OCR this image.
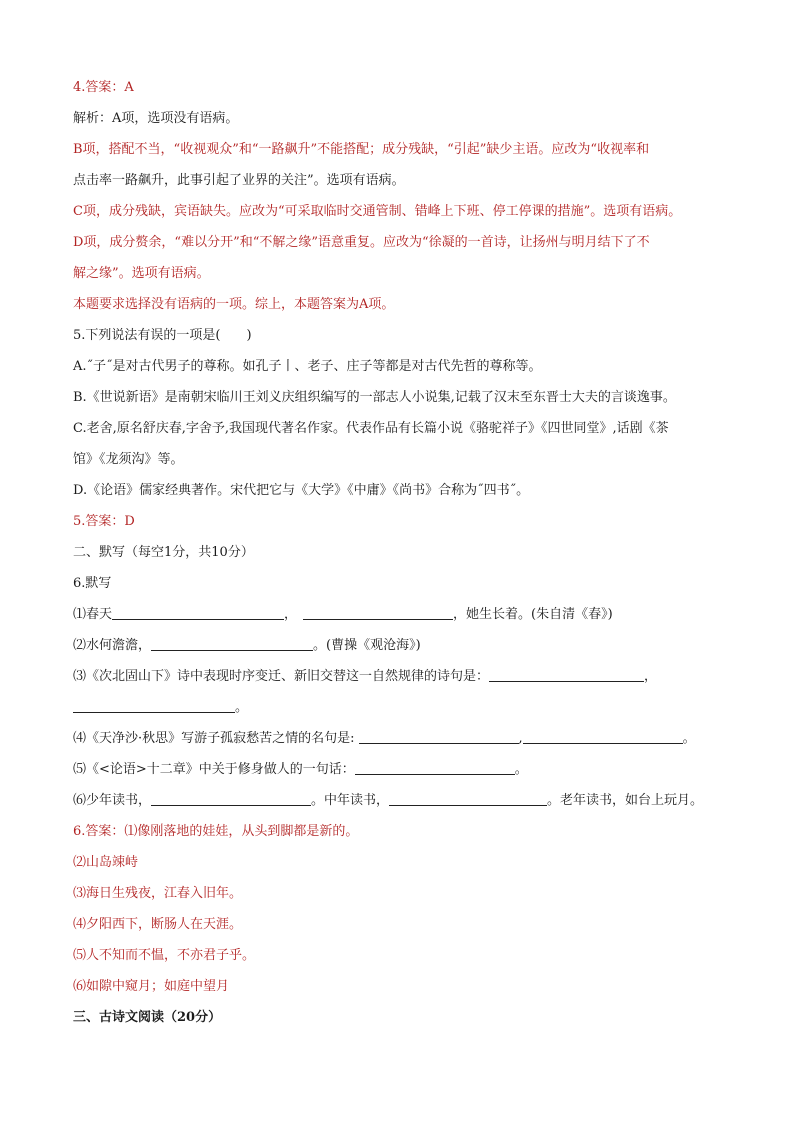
4.答案：A
解析：A项，选项没有语病。
B项，搭配不当，“收视观众”和“一路飙升”不能搭配；成分残缺，“引起”缺少主语。应改为“收视率和
点击率一路飙升，此事引起了业界的关注”。选项有语病。
C项，成分残缺，宾语缺失。应改为“可采取临时交通管制、错峰上下班、停工停课的措施”。选项有语病。
D项，成分赘余，“难以分开”和“不解之缘”语意重复。应改为“徐凝的一首诗，让扬州与明月结下了不
解之缘”。选项有语病。
本题要求选择没有语病的一项。综上，本题答案为A项。
5.下列说法有误的一项是(　　)
A.˝子˝是对古代男子的尊称。如孔子丨、老子、庄子等都是对古代先哲的尊称等。
B.《世说新语》是南朝宋临川王刘义庆组织编写的一部志人小说集,记载了汉末至东晋士大夫的言谈逸事。
C.老舍,原名舒庆春,字舍予,我国现代著名作家。代表作品有长篇小说《骆驼祥子》《四世同堂》,话剧《茶
馆》《龙须沟》等。
D.《论语》儒家经典著作。宋代把它与《大学》《中庸》《尚书》合称为˝四书˝。
5.答案：D
二、默写（每空1分，共10分）
6.默写
⑴春天	，	，她生长着。(朱自清《春》)
⑵水何澹澹，	。(曹操《观沧海》)
⑶《次北固山下》诗中表现时序变迁、新旧交替这一自然规律的诗句是：	，
。
⑷《天净沙·秋思》写游子孤寂愁苦之情的名句是:	,	。
⑸《<论语>十二章》中关于修身做人的一句话：	。
⑹少年读书，	。中年读书，	。老年读书，如台上玩月。
6.答案：⑴像刚落地的娃娃，从头到脚都是新的。
⑵山岛竦峙
⑶海日生残夜，江春入旧年。
⑷夕阳西下，断肠人在天涯。
⑸人不知而不愠，不亦君子乎。
⑹如隙中窥月；如庭中望月
三、古诗文阅读（20分）
